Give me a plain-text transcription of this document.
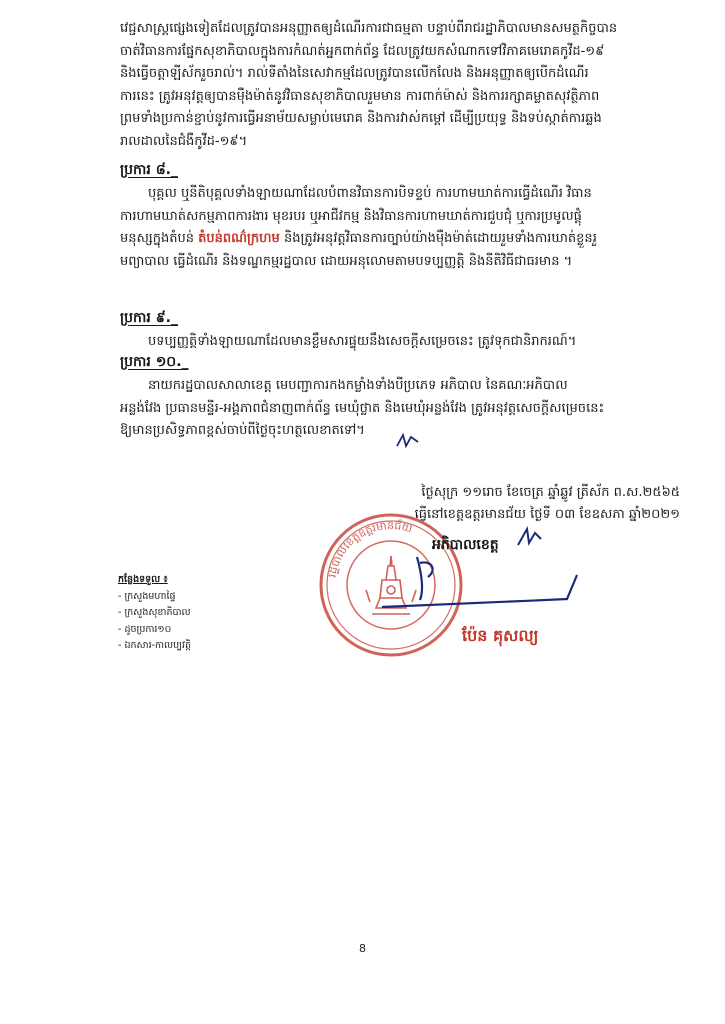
វេជ្ជសាស្ត្រផ្សេងទៀតដែលត្រូវបានអនុញ្ញាតឲ្យដំណើរការជាធម្មតា បន្ទាប់ពីរាជរដ្ឋាភិបាលមានសមត្ថកិច្ចបាន
ចាត់វិធានការផ្នែកសុខាភិបាលក្នុងការកំណត់អ្នកពាក់ព័ន្ធ ដែលត្រូវយកសំណាកទៅវិភាគមេរោគកូវីដ-១៩
និងធ្វើចត្តាឡីស័ករួចរាល់។ រាល់ទីតាំងនៃសេវាកម្មដែលត្រូវបានលើកលែង និងអនុញ្ញាតឲ្យបើកដំណើរ
ការនេះ ត្រូវអនុវត្តឲ្យបានម៉ឺងម៉ាត់នូវវិធានសុខាភិបាលរួមមាន ការពាក់ម៉ាស់ និងការរក្សាគម្លាតសុវត្ថិភាព
ព្រមទាំងប្រកាន់ខ្ជាប់នូវការធ្វើអនាម័យសម្លាប់មេរោគ និងការវាស់កម្ដៅ ដើម្បីប្រយុទ្ធ និងទប់ស្កាត់ការឆ្លង
រាលដាលនៃជំងឺកូវីដ-១៩។
ប្រការ ៨._
បុគ្គល ឬនីតិបុគ្គលទាំងឡាយណាដែលបំពានវិធានការបិទខ្ទប់ ការហាមឃាត់ការធ្វើដំណើរ វិធាន
ការហាមឃាត់សកម្មភាពការងារ មុខរបរ ឬអាជីវកម្ម និងវិធានការហាមឃាត់ការជួបជុំ ឬការប្រមូលផ្តុំ
មនុស្សក្នុងតំបន់ តំបន់ពណ៌ក្រហម និងត្រូវអនុវត្តវិធានការច្បាប់យ៉ាងម៉ឺងម៉ាត់ដោយរួមទាំងការឃាត់ខ្លួនរួ
មព្យាបាល ធ្វើដំណើរ និងទណ្ឌកម្មរដ្ឋបាល ដោយអនុលោមតាមបទប្បញ្ញត្តិ និងនីតិវិធីជាធរមាន ។
ប្រការ ៩._
បទប្បញ្ញត្តិទាំងឡាយណាដែលមានខ្លឹមសារផ្ទុយនឹងសេចក្តីសម្រេចនេះ ត្រូវទុកជានិរាករណ៍។
ប្រការ ១០._
នាយករដ្ឋបាលសាលាខេត្ត មេបញ្ជាការកងកម្លាំងទាំងបីប្រភេទ អភិបាល នៃគណៈអភិបាល
អន្លង់វែង ប្រធានមន្ទីរ-អង្គភាពជំនាញពាក់ព័ន្ធ មេឃុំថ្លាត និងមេឃុំអន្លង់វែង ត្រូវអនុវត្តសេចក្តីសម្រេចនេះ
ឱ្យមានប្រសិទ្ធភាពខ្ពស់ចាប់ពីថ្ងៃចុះហត្ថលេខាតទៅ។
ថ្ងៃសុក្រ ១១រោច ខែចេត្រ ឆ្នាំឆ្លូវ ត្រីស័ក ព.ស.២៥៦៥
ធ្វើនៅខេត្តឧត្តរមានជ័យ ថ្ងៃទី ០៣ ខែឧសភា ឆ្នាំ២០២១
រដ្ឋបាលខេត្តឧត្តរមានជ័យ
អភិបាលខេត្ត
ប៉ែន គុសល្យ
កន្លែងទទួល ៖
- ក្រសួងមហាផ្ទៃ
- ក្រសួងសុខាភិបាល
- ដូចប្រការ១០
- ឯកសារ-កាលប្បវត្តិ
8
